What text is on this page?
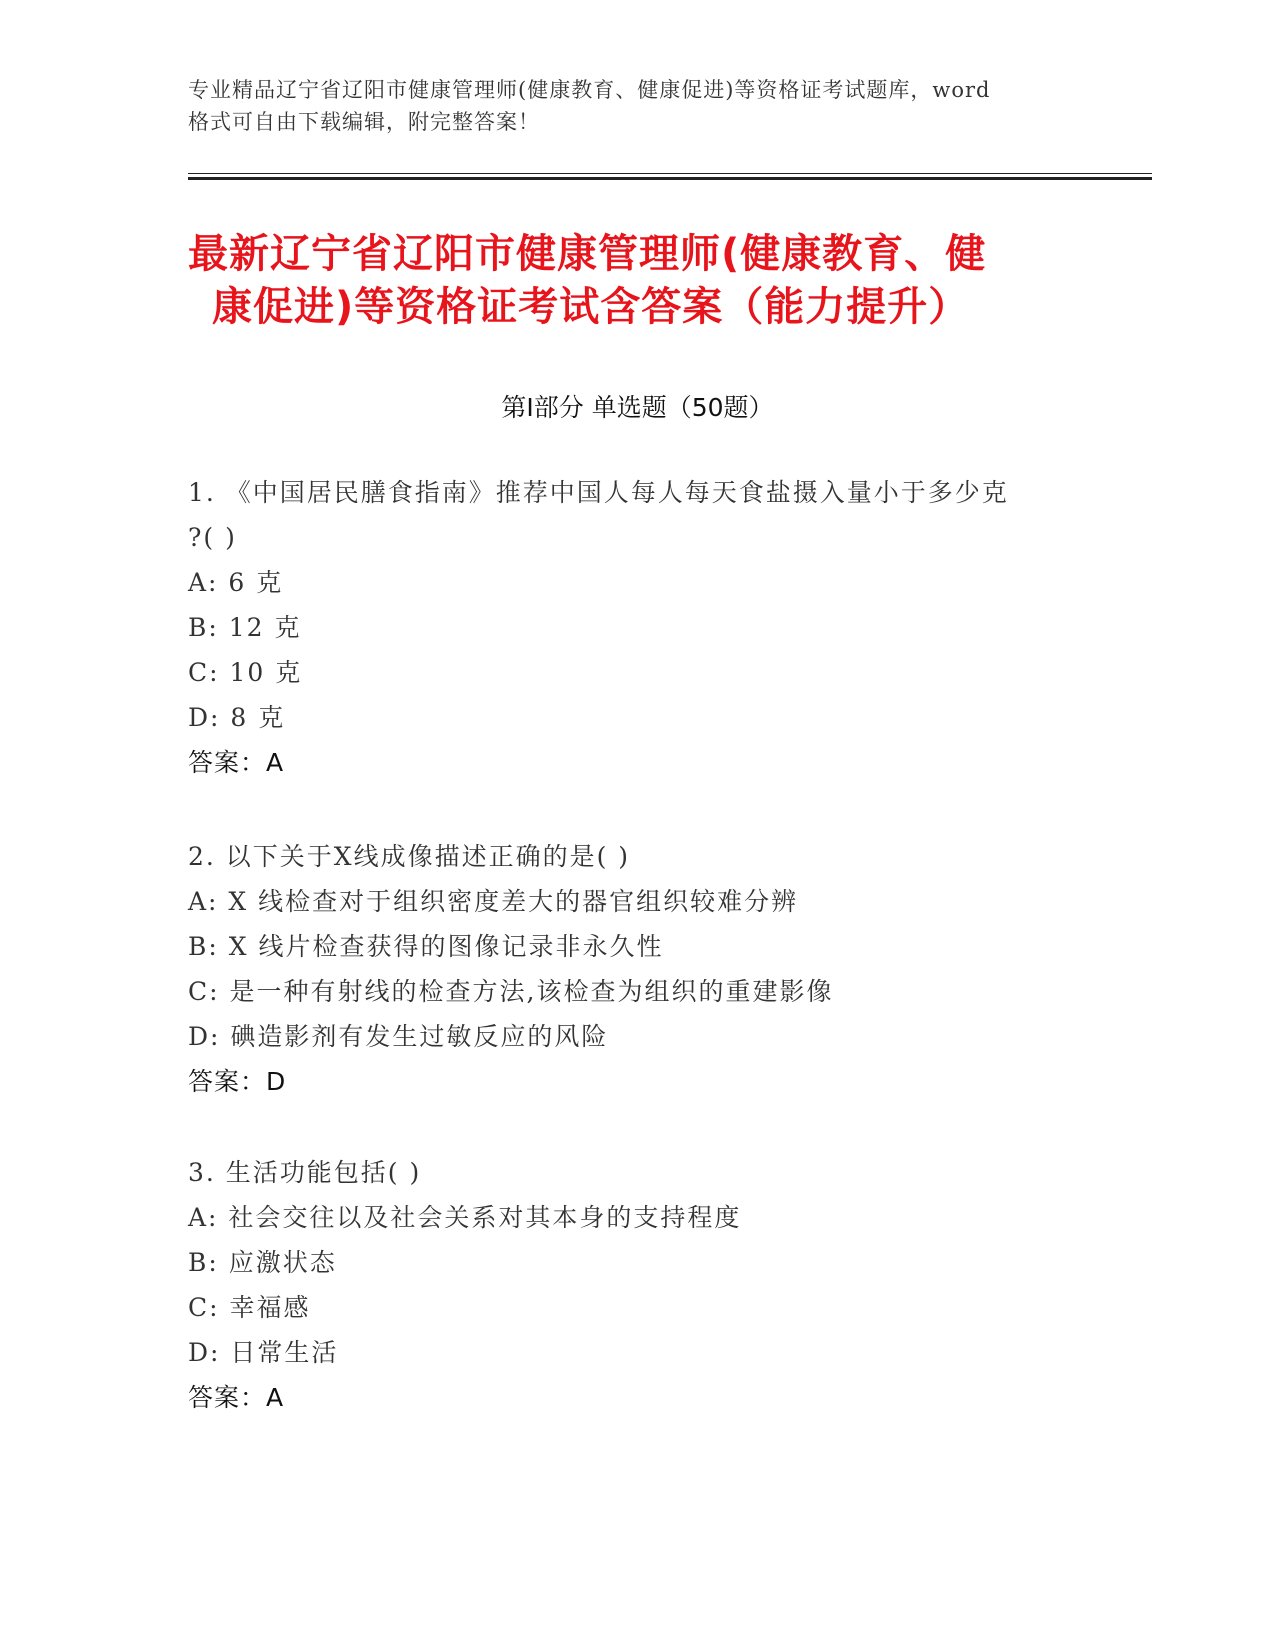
专业精品辽宁省辽阳市健康管理师(健康教育、健康促进)等资格证考试题库，word
格式可自由下载编辑，附完整答案！
最新辽宁省辽阳市健康管理师(健康教育、健
康促进)等资格证考试含答案（能力提升）
第Ⅰ部分 单选题（50题）
1. 《中国居民膳食指南》推荐中国人每人每天食盐摄入量小于多少克
?( )
A: 6 克
B: 12 克
C: 10 克
D: 8 克
答案：A
2. 以下关于X线成像描述正确的是( )
A: X 线检查对于组织密度差大的器官组织较难分辨
B: X 线片检查获得的图像记录非永久性
C: 是一种有射线的检查方法,该检查为组织的重建影像
D: 碘造影剂有发生过敏反应的风险
答案：D
3. 生活功能包括( )
A: 社会交往以及社会关系对其本身的支持程度
B: 应激状态
C: 幸福感
D: 日常生活
答案：A
